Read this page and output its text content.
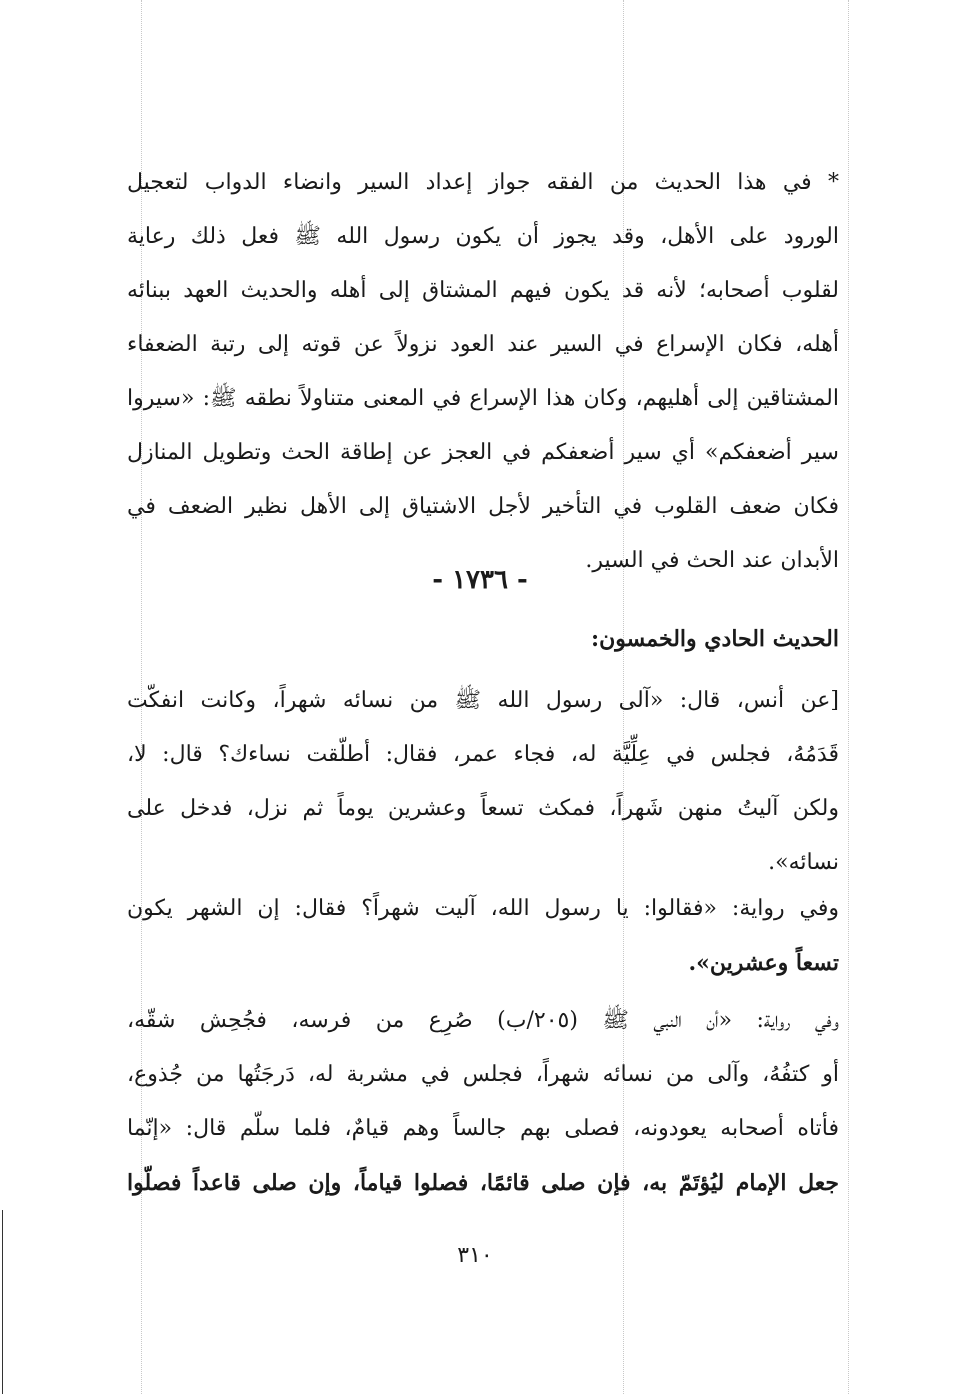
* في هذا الحديث من الفقه جواز إعداد السير وانضاء الدواب لتعجيل
الورود على الأهل، وقد يجوز أن يكون رسول الله ﷺ فعل ذلك رعاية
لقلوب أصحابه؛ لأنه قد يكون فيهم المشتاق إلى أهله والحديث العهد ببنائه
أهله، فكان الإسراع في السير عند العود نزولاً عن قوته إلى رتبة الضعفاء
المشتاقين إلى أهليهم، وكان هذا الإسراع في المعنى متناولاً نطقه ﷺ: «سيروا
سير أضعفكم» أي سير أضعفكم في العجز عن إطاقة الحث وتطويل المنازل
فكان ضعف القلوب في التأخير لأجل الاشتياق إلى الأهل نظير الضعف في
الأبدان عند الحث في السير.
- ١٧٣٦ -
الحديث الحادي والخمسون:
[عن أنس، قال: «آلى رسول الله ﷺ من نسائه شهراً، وكانت انفكّت
قَدَمُهُ، فجلس في عِلِّيَّة له، فجاء عمر، فقال: أطلّقت نساءك؟ قال: لا،
ولكن آليتُ منهن شَهراً، فمكث تسعاً وعشرين يوماً ثم نزل، فدخل على
نسائه».
وفي رواية: «فقالوا: يا رسول الله، آليت شهراً؟ فقال: إن الشهر يكون
تسعاً وعشرين».
وفي رواية: «أن النبي ﷺ (٢٠٥/ب) صُرِع من فرسه، فجُحِش شقّه،
أو كتفُهُ، وآلى من نسائه شهراً، فجلس في مشربة له، دَرجَتُها من جُذوع،
فأتاه أصحابه يعودونه، فصلى بهم جالساً وهم قيامٌ، فلما سلّم قال: «إنّما
جعل الإمام ليُؤتَمّ به، فإن صلى قائمًا، فصلوا قياماً، وإن صلى قاعداً فصلّوا
٣١٠
